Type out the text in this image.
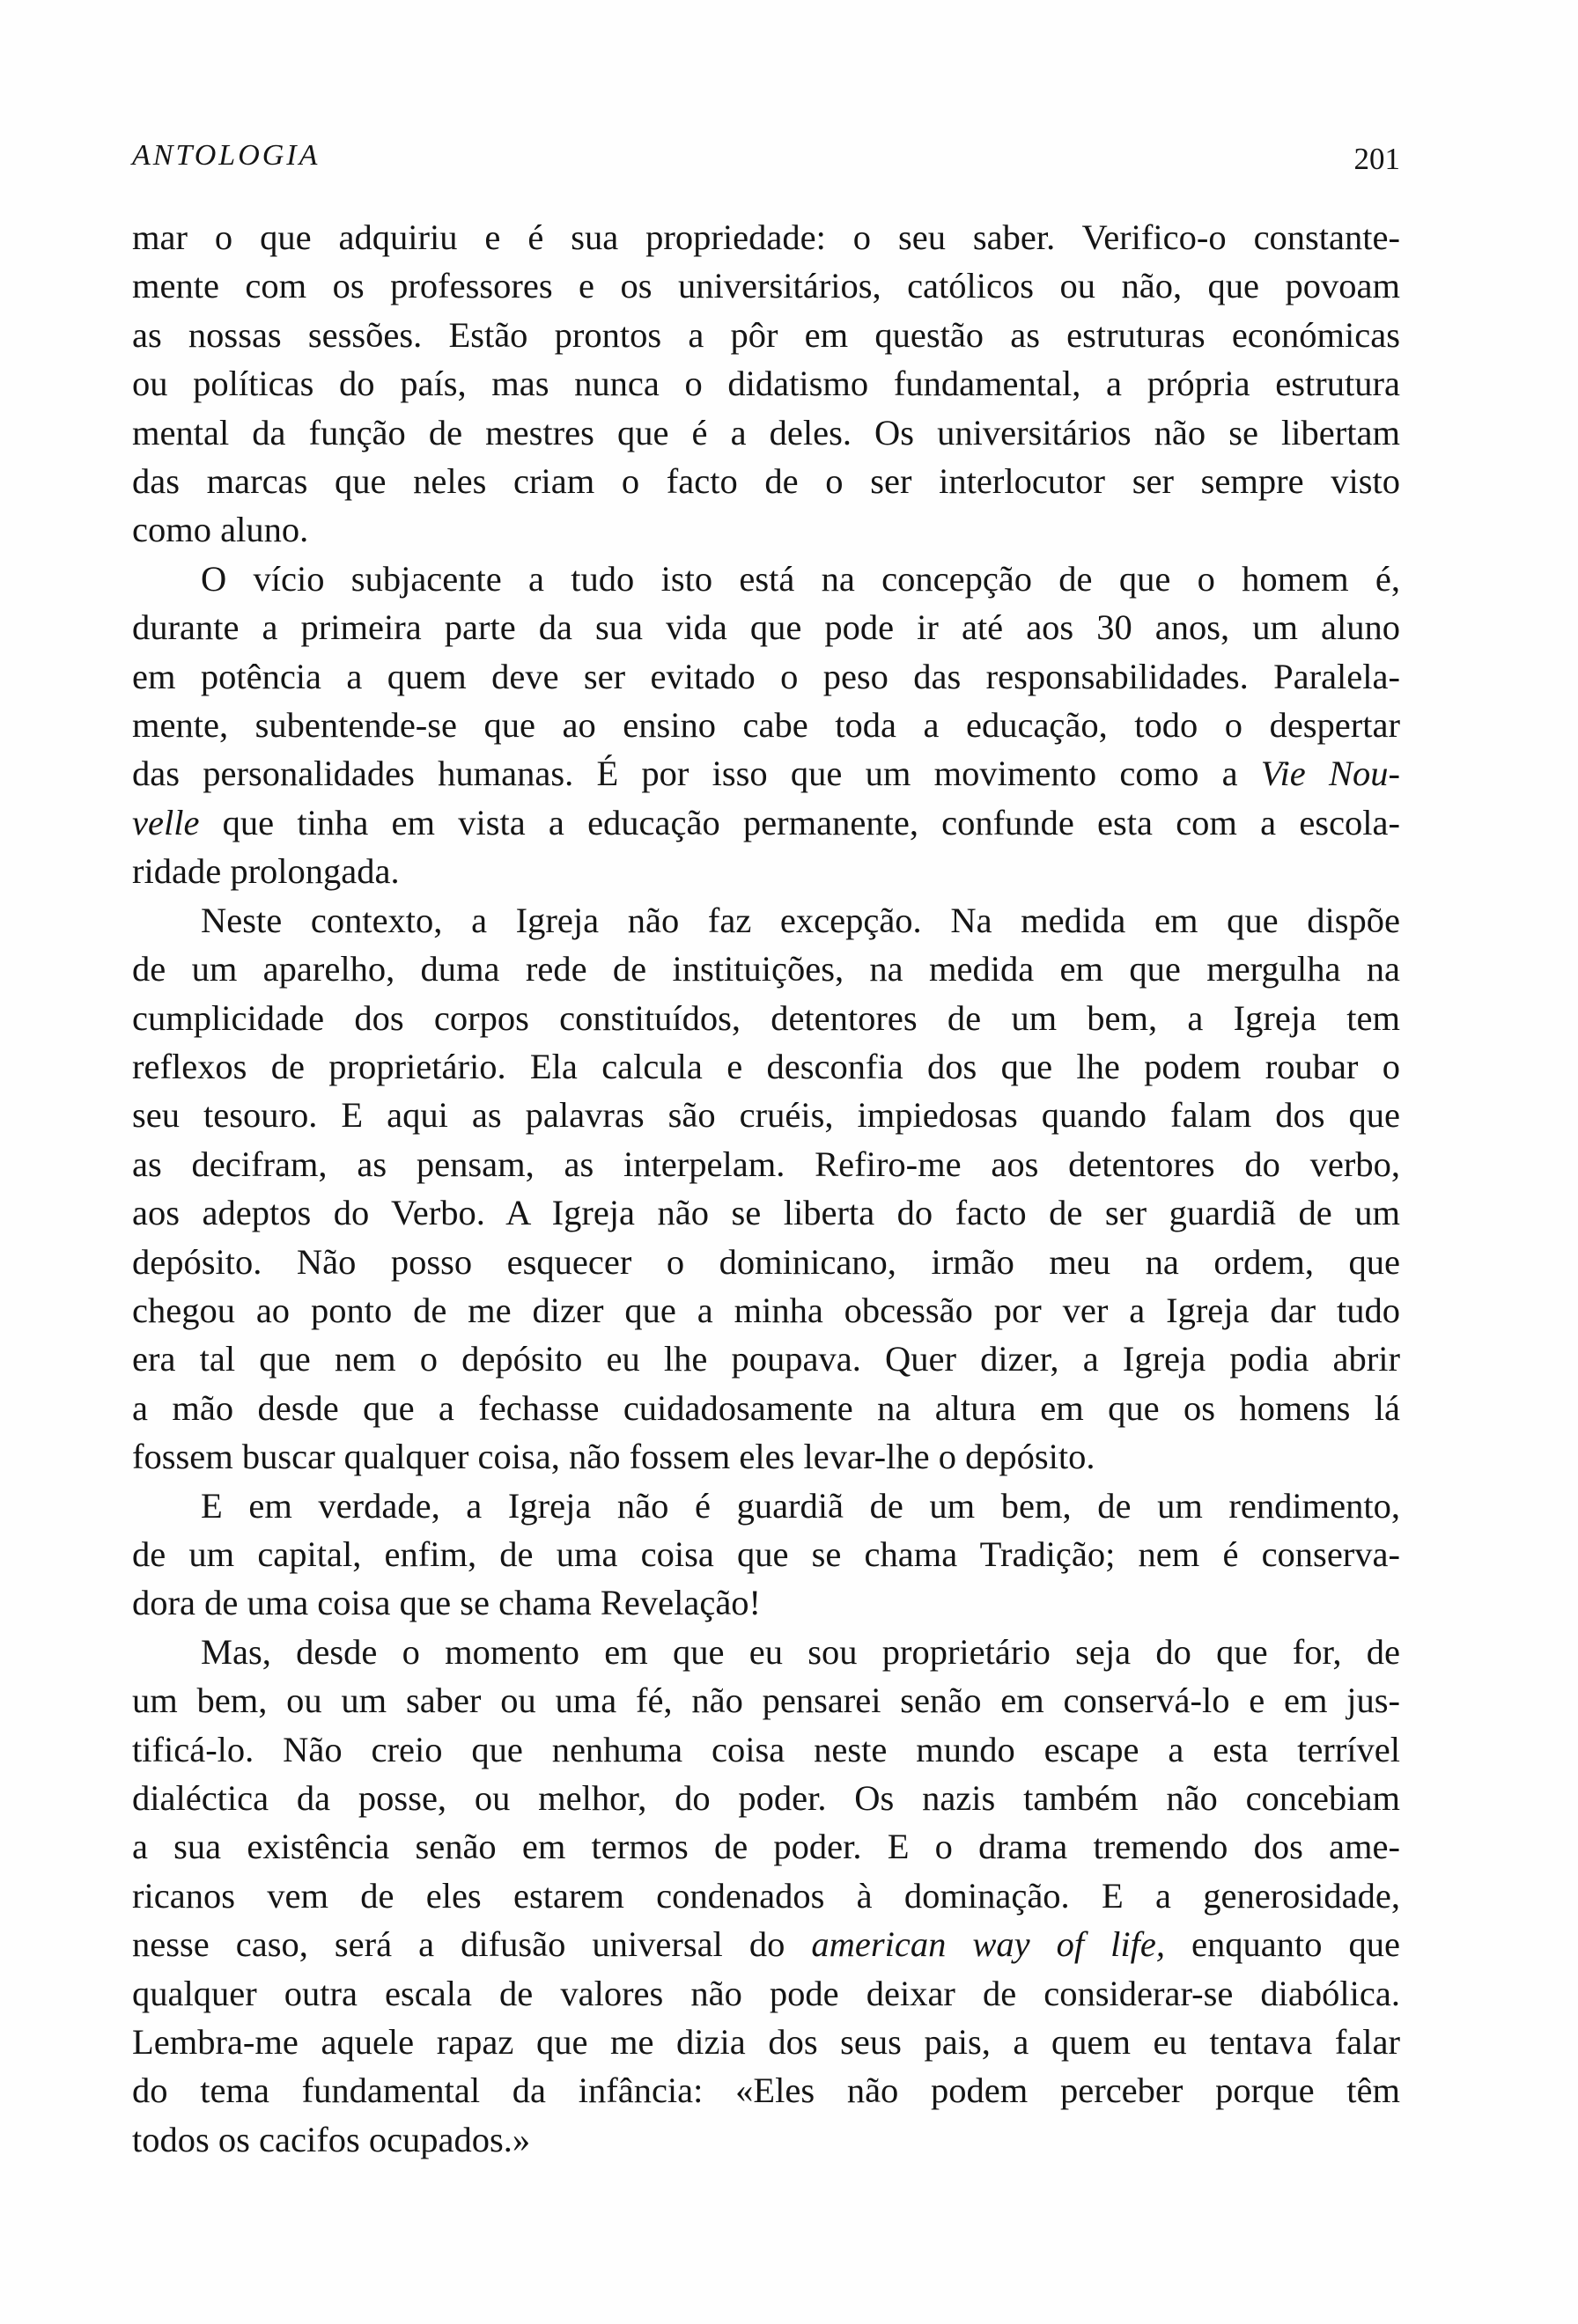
ANTOLOGIA	201
mar o que adquiriu e é sua propriedade: o seu saber. Verifico-o constante-
mente com os professores e os universitários, católicos ou não, que povoam
as nossas sessões. Estão prontos a pôr em questão as estruturas económicas
ou políticas do país, mas nunca o didatismo fundamental, a própria estrutura
mental da função de mestres que é a deles. Os universitários não se libertam
das marcas que neles criam o facto de o ser interlocutor ser sempre visto
como aluno.
O vício subjacente a tudo isto está na concepção de que o homem é,
durante a primeira parte da sua vida que pode ir até aos 30 anos, um aluno
em potência a quem deve ser evitado o peso das responsabilidades. Paralela-
mente, subentende-se que ao ensino cabe toda a educação, todo o despertar
das personalidades humanas. É por isso que um movimento como a Vie Nou-
velle que tinha em vista a educação permanente, confunde esta com a escola-
ridade prolongada.
Neste contexto, a Igreja não faz excepção. Na medida em que dispõe
de um aparelho, duma rede de instituições, na medida em que mergulha na
cumplicidade dos corpos constituídos, detentores de um bem, a Igreja tem
reflexos de proprietário. Ela calcula e desconfia dos que lhe podem roubar o
seu tesouro. E aqui as palavras são cruéis, impiedosas quando falam dos que
as decifram, as pensam, as interpelam. Refiro-me aos detentores do verbo,
aos adeptos do Verbo. A Igreja não se liberta do facto de ser guardiã de um
depósito. Não posso esquecer o dominicano, irmão meu na ordem, que
chegou ao ponto de me dizer que a minha obcessão por ver a Igreja dar tudo
era tal que nem o depósito eu lhe poupava. Quer dizer, a Igreja podia abrir
a mão desde que a fechasse cuidadosamente na altura em que os homens lá
fossem buscar qualquer coisa, não fossem eles levar-lhe o depósito.
E em verdade, a Igreja não é guardiã de um bem, de um rendimento,
de um capital, enfim, de uma coisa que se chama Tradição; nem é conserva-
dora de uma coisa que se chama Revelação!
Mas, desde o momento em que eu sou proprietário seja do que for, de
um bem, ou um saber ou uma fé, não pensarei senão em conservá-lo e em jus-
tificá-lo. Não creio que nenhuma coisa neste mundo escape a esta terrível
dialéctica da posse, ou melhor, do poder. Os nazis também não concebiam
a sua existência senão em termos de poder. E o drama tremendo dos ame-
ricanos vem de eles estarem condenados à dominação. E a generosidade,
nesse caso, será a difusão universal do american way of life, enquanto que
qualquer outra escala de valores não pode deixar de considerar-se diabólica.
Lembra-me aquele rapaz que me dizia dos seus pais, a quem eu tentava falar
do tema fundamental da infância: «Eles não podem perceber porque têm
todos os cacifos ocupados.»
